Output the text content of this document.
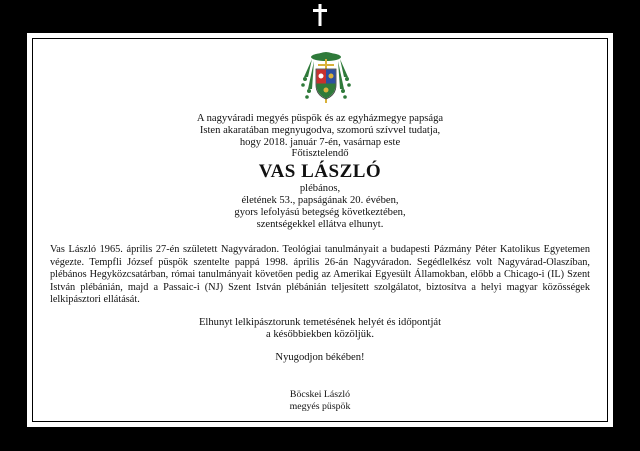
A nagyváradi megyés püspök és az egyházmegye papsága
Isten akaratában megnyugodva, szomorú szívvel tudatja,
hogy 2018. január 7-én, vasárnap este
Főtisztelendő
VAS LÁSZLÓ
plébános,
életének 53., papságának 20. évében,
gyors lefolyású betegség következtében,
szentségekkel ellátva elhunyt.

Vas László 1965. április 27-én született Nagyváradon. Teológiai tanulmányait a budapesti Pázmány Péter Katolikus Egyetemen végezte. Tempfli József püspök szentelte pappá 1998. április 26-án Nagyváradon. Segédlelkész volt Nagyvárad-Olaszíban, plébános Hegyközcsatárban, római tanulmányait követően pedig az Amerikai Egyesült Államokban, előbb a Chicago-i (IL) Szent István plébánián, majd a Passaic-i (NJ) Szent István plébánián teljesített szolgálatot, biztosítva a helyi magyar közösségek lelkipásztori ellátását.

Elhunyt lelkipásztorunk temetésének helyét és időpontját
a későbbiekben közöljük.
Nyugodjon békében!
Böcskei László
megyés püspök
